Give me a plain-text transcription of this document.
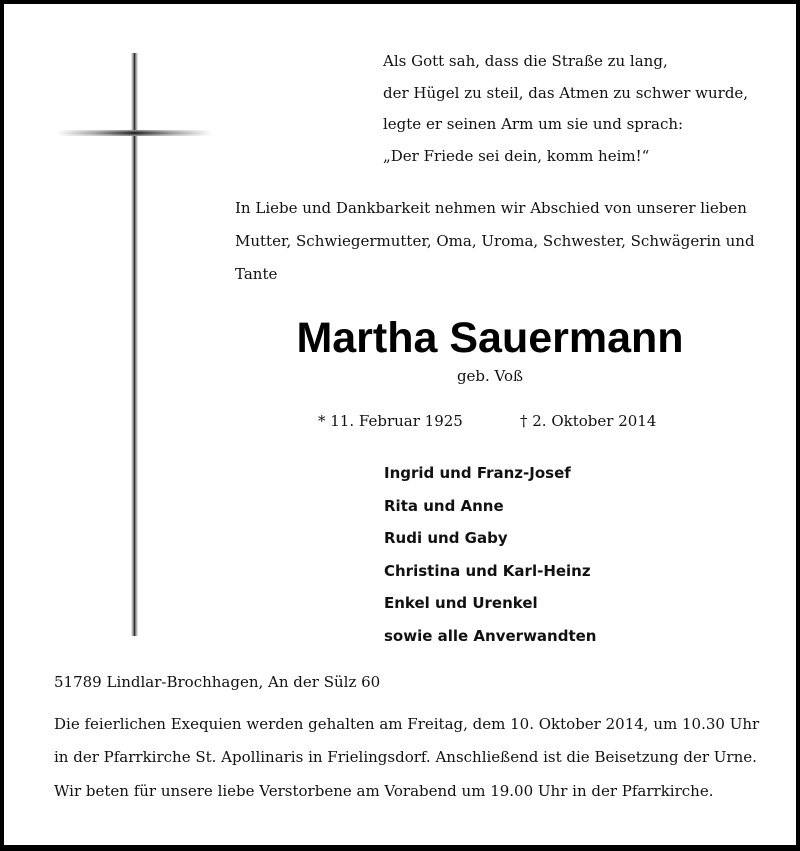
Als Gott sah, dass die Straße zu lang,
der Hügel zu steil, das Atmen zu schwer wurde,
legte er seinen Arm um sie und sprach:
„Der Friede sei dein, komm heim!“
In Liebe und Dankbarkeit nehmen wir Abschied von unserer lieben
Mutter, Schwiegermutter, Oma, Uroma, Schwester, Schwägerin und
Tante
Martha Sauermann
geb. Voß
* 11. Februar 1925	† 2. Oktober 2014
Ingrid und Franz-Josef
Rita und Anne
Rudi und Gaby
Christina und Karl-Heinz
Enkel und Urenkel
sowie alle Anverwandten
51789 Lindlar-Brochhagen, An der Sülz 60
Die feierlichen Exequien werden gehalten am Freitag, dem 10. Oktober 2014, um 10.30 Uhr
in der Pfarrkirche St. Apollinaris in Frielingsdorf. Anschließend ist die Beisetzung der Urne.
Wir beten für unsere liebe Verstorbene am Vorabend um 19.00 Uhr in der Pfarrkirche.
